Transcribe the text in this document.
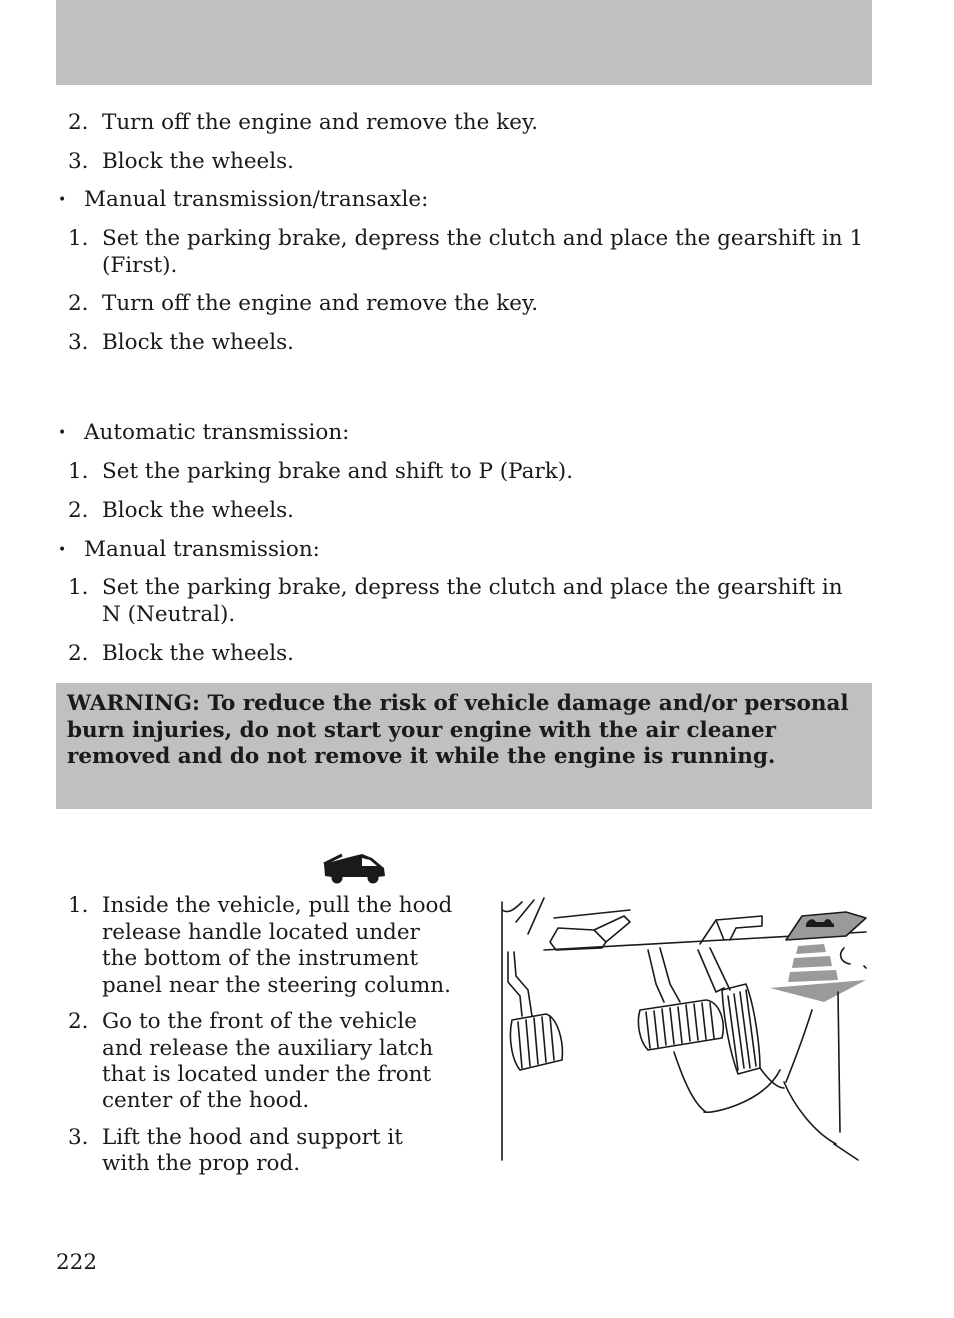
2. Turn off the engine and remove the key.
3. Block the wheels.
• Manual transmission/transaxle:
1. Set the parking brake, depress the clutch and place the gearshift in 1
(First).
2. Turn off the engine and remove the key.
3. Block the wheels.
• Automatic transmission:
1. Set the parking brake and shift to P (Park).
2. Block the wheels.
• Manual transmission:
1. Set the parking brake, depress the clutch and place the gearshift in
N (Neutral).
2. Block the wheels.
WARNING: To reduce the risk of vehicle damage and/or personal burn injuries, do not start your engine with the air cleaner removed and do not remove it while the engine is running.
1. Inside the vehicle, pull the hood
release handle located under
the bottom of the instrument
panel near the steering column.
2. Go to the front of the vehicle
and release the auxiliary latch
that is located under the front
center of the hood.
3. Lift the hood and support it
with the prop rod.
222
